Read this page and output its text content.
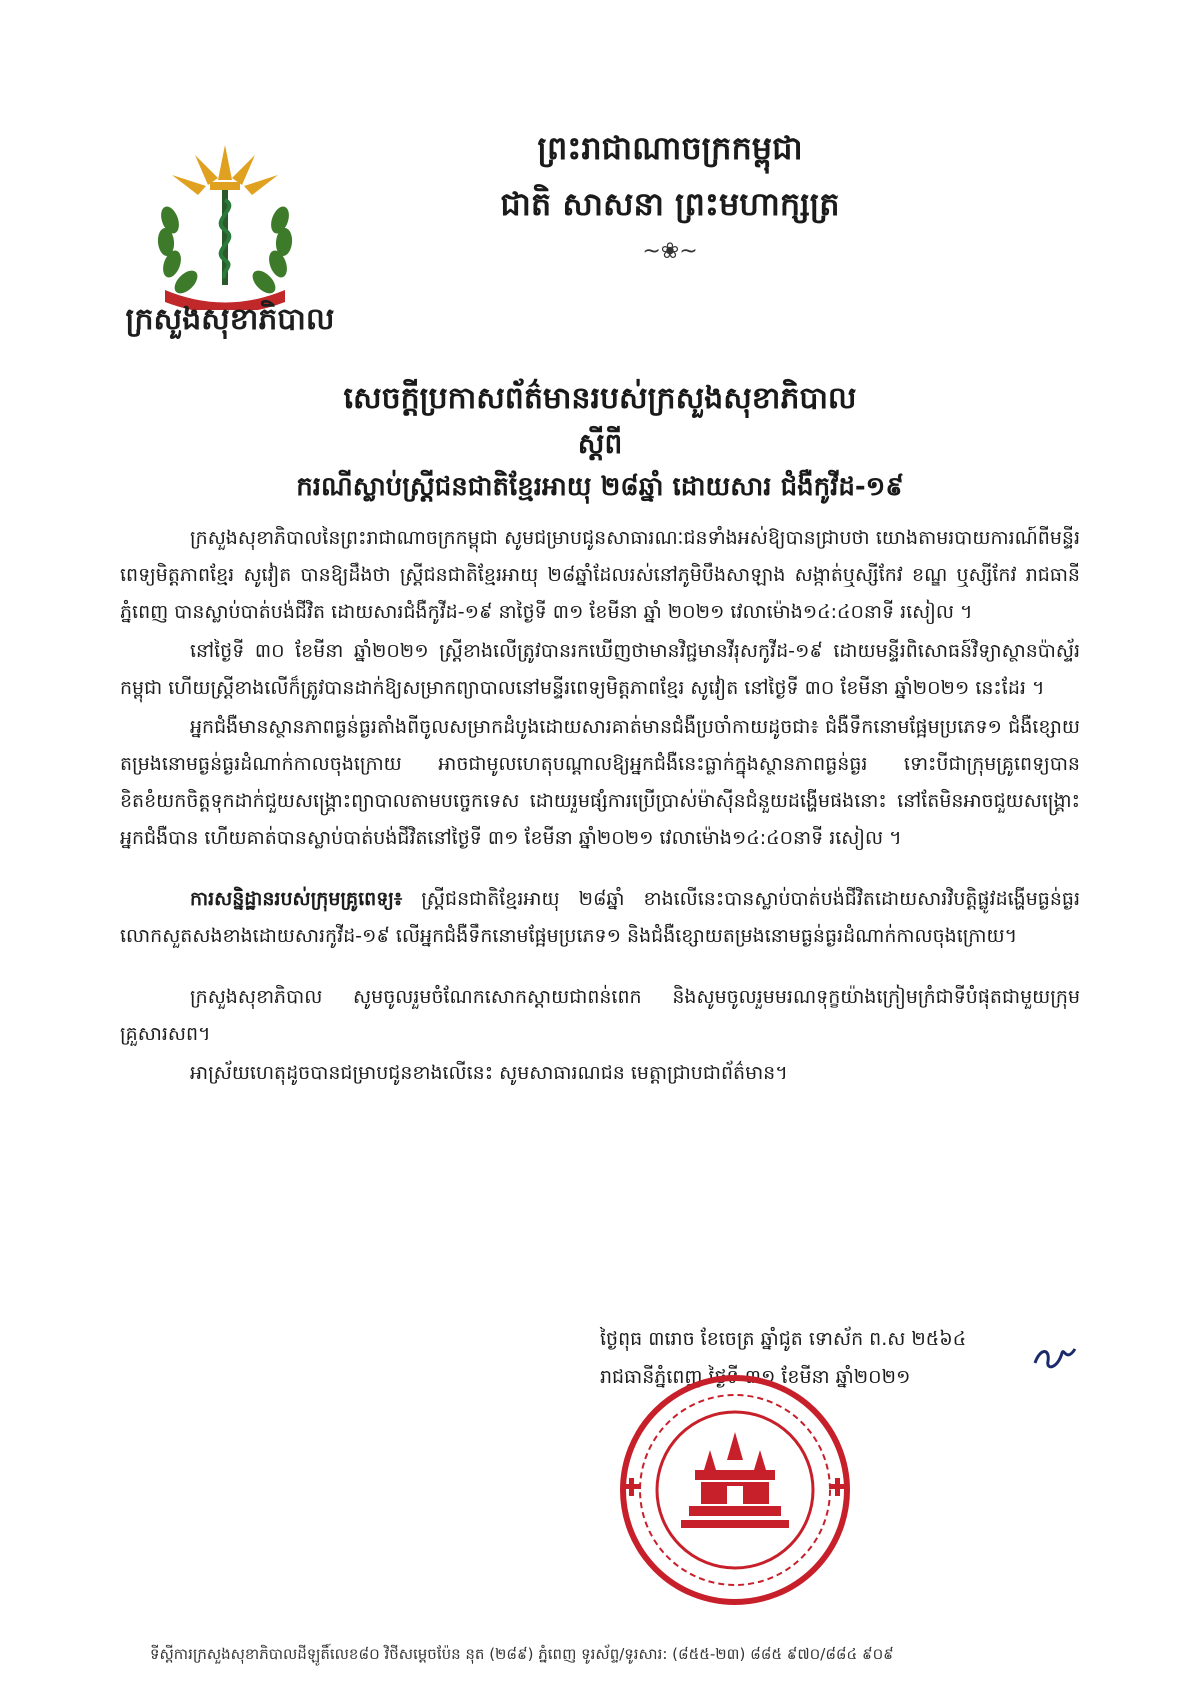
ក្រសួងសុខាភិបាល
ព្រះរាជាណាចក្រកម្ពុជា
ជាតិ សាសនា ព្រះមហាក្សត្រ
~❀~
សេចក្តីប្រកាសព័ត៌មានរបស់ក្រសួងសុខាភិបាល
ស្តីពី
ករណីស្លាប់ស្រ្តីជនជាតិខ្មែរអាយុ ២៨ឆ្នាំ ដោយសារ ជំងឺកូវីដ-១៩

ក្រសួងសុខាភិបាលនៃព្រះរាជាណាចក្រកម្ពុជា សូមជម្រាបជូនសាធារណៈជនទាំងអស់ឱ្យបានជ្រាបថា យោងតាមរបាយការណ៍ពីមន្ទីរពេទ្យមិត្តភាពខ្មែរ សូវៀត បានឱ្យដឹងថា ស្ត្រីជនជាតិខ្មែរអាយុ ២៨ឆ្នាំដែលរស់នៅភូមិបឹងសាឡាង សង្កាត់ឬស្សីកែវ ខណ្ឌ ឬស្សីកែវ រាជធានីភ្នំពេញ បានស្លាប់បាត់បង់ជីវិត ដោយសារជំងឺកូវីដ-១៩ នាថ្ងៃទី ៣១ ខែមីនា ឆ្នាំ ២០២១ វេលាម៉ោង១៤:៤០នាទី រសៀល ។

នៅថ្ងៃទី ៣០ ខែមីនា ឆ្នាំ២០២១ ស្ត្រីខាងលើត្រូវបានរកឃើញថាមានវិជ្ជមានវីរុសកូវីដ-១៩ ដោយមន្ទីរពិសោធន៍វិទ្យាស្ថានប៉ាស្ទ័រកម្ពុជា ហើយស្ត្រីខាងលើក៏ត្រូវបានដាក់ឱ្យសម្រាកព្យាបាលនៅមន្ទីរពេទ្យមិត្តភាពខ្មែរ សូវៀត នៅថ្ងៃទី ៣០ ខែមីនា ឆ្នាំ២០២១ នេះដែរ ។

អ្នកជំងឺមានស្ថានភាពធ្ងន់ធ្ងរតាំងពីចូលសម្រាកដំបូងដោយសារគាត់មានជំងឺប្រចាំកាយដូចជា៖ ជំងឺទឹកនោមផ្អែមប្រភេទ១ ជំងឺខ្សោយតម្រងនោមធ្ងន់ធ្ងរដំណាក់កាលចុងក្រោយ អាចជាមូលហេតុបណ្តាលឱ្យអ្នកជំងឺនេះធ្លាក់ក្នុងស្ថានភាពធ្ងន់ធ្ងរ ទោះបីជាក្រុមគ្រូពេទ្យបានខិតខំយកចិត្តទុកដាក់ជួយសង្គ្រោះព្យាបាលតាមបច្ចេកទេស ដោយរួមផ្សំការប្រើប្រាស់ម៉ាស៊ីនជំនួយដង្ហើមផងនោះ នៅតែមិនអាចជួយសង្គ្រោះអ្នកជំងឺបាន ហើយគាត់បានស្លាប់បាត់បង់ជីវិតនៅថ្ងៃទី ៣១ ខែមីនា ឆ្នាំ២០២១ វេលាម៉ោង១៤:៤០នាទី រសៀល ។

ការសន្និដ្ឋានរបស់ក្រុមគ្រូពេទ្យ៖ ស្ត្រីជនជាតិខ្មែរអាយុ ២៨ឆ្នាំ ខាងលើនេះបានស្លាប់បាត់បង់ជីវិតដោយសារវិបត្តិផ្លូវដង្ហើមធ្ងន់ធ្ងរ លោកសួតសងខាងដោយសារកូវីដ-១៩ លើអ្នកជំងឺទឹកនោមផ្អែមប្រភេទ១ និងជំងឺខ្សោយតម្រងនោមធ្ងន់ធ្ងរដំណាក់កាលចុងក្រោយ។

ក្រសួងសុខាភិបាល សូមចូលរួមចំណែកសោកស្តាយជាពន់ពេក និងសូមចូលរួមមរណទុក្ខយ៉ាងក្រៀមក្រំជាទីបំផុតជាមួយក្រុមគ្រួសារសព។

អាស្រ័យហេតុដូចបានជម្រាបជូនខាងលើនេះ សូមសាធារណជន មេត្តាជ្រាបជាព័ត៌មាន។

ថ្ងៃពុធ ៣រោច ខែចេត្រ ឆ្នាំជូត ទោស័ក ព.ស ២៥៦៤
រាជធានីភ្នំពេញ ថ្ងៃទី ៣១ ខែមីនា ឆ្នាំ២០២១
ទីស្តីការក្រសួងសុខាភិបាលដីឡូតិ៍លេខ៨០ វិថីសម្តេចប៉ែន នុត (២៨៩) ភ្នំពេញ ទូរស័ព្ទ/ទូរសារ: (៨៥៥-២៣) ៨៨៥ ៩៧០/៨៨៤ ៩០៩
